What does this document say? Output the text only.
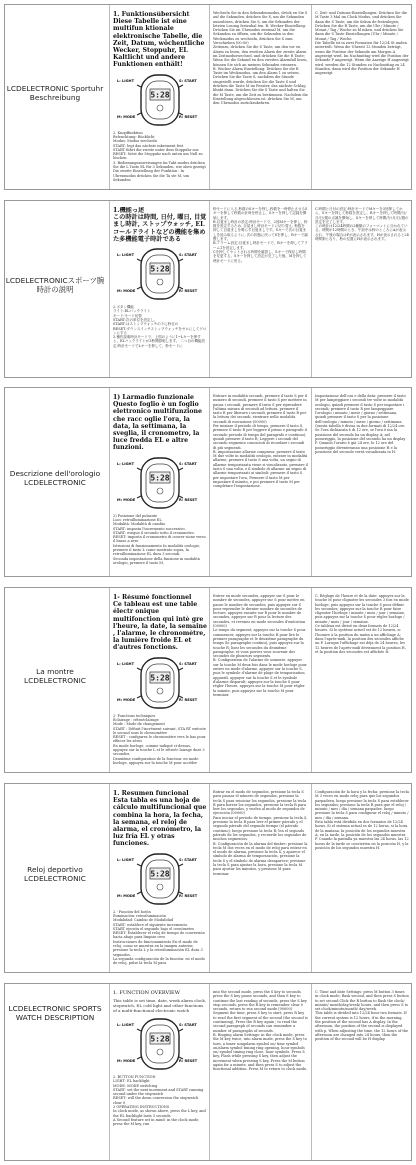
LCDELECTRONIC Sportuhr Beschreibung
1. Funktionsübersicht
Diese Tabelle ist eine multifun ktionale elektronische Tabelle, die Zeit, Datum, wöchentliche Wecker, Stoppuhr, EL Kaltlicht und andere Funktionen enthält!
5:28
L: LIGHT	S: START
M: MODE	R: RESET
2. Knopffunktion
Beleuchtung: Rücklicht
Modus: Modus wechseln
START: legt das nächste inkrement fest
START führt die zweite unter dem Stoppuhr aus
RESET: Setzt die Stoppuhr nach unten um Null zu löschen
3. Bedienungsanweisungen Im Takt modus drücken Sie die L Taste EL für 3 Sekunden, wie oben gezeigt Die zweite Einstellung der Funktion : In Uhrenmodus drücken Sie die Ta ste M, um Sekunden
Wechseln Sie in den Sekundenmodus, drück en Sie S auf die Sekunden, drücken Sie S, um die Sekunden auszulösen, drücken Sie S, um die Sekunden der letzten Lesung festzuhal ten. B. Wecker-Einstellung: Drücken Sie im Uhrmodus zweimal M, um die Sekunden zu öffnen, um die Sekunden in den Weckmodus zu wechseln, drücken Sie S zum Verschieben (00:00)
Zeitenzu, drücken Sie die S Taste, um den vor en Alarm zu lesen, den zweiten Alarm der zweite Alarm im Zeitmoduswechsel, und drücken Sie die R Taste; Wenn Sie die Sekund en den zweiten Alarmfall lesen, können Sie sich an meinen Sekunden erinnern.
B. Wecker Alarm Einstellung: Drücken Sie die R Taste im Weckmodus, um den Alarm 1 zu setzen. Drücken Sie die Taste S, nachdem die Stunde eingestellt wurde, drücken Sie die Taste S und drücken die Taste M im Fenster, das nächste Schlag blinkt dann. Drücken Sie die S Taste und halten Sie die M Taste, um die Zeit zu bestimmen. Nachdem die Einstellung abgeschlossen ist, drücken Sie M, um den Uhrmodus zurückzukehren.
C. Zeit- und Datums-Einstellungen: Drücken Sie die M Taste 3 Mal im Clock Modus, und drücken Sie dann die S Taste, um die Sekun de festzulegen; Drücken Sie die R Taste, um die Uhr / Minute / Monat / Tag / Woche zu bl inken, und drücken Sie dann die S Taste Einstellungen (Uhr / Minute / Monat / Tag / Woche.
Die Tabelle ist in zwei Formaten für 12/24 St unden unterteilt. Wenn die Uhrzeit 12 Stunden beträgt, wenn die Position der Sekunde am Morgen A angezeigt wird. Im Nachmittag wird die Position der Sekunde P angezeigt. Wenn die Anzeige H angezeigt wird, werden die 12 Stunden zu Nachmittag zu 24 Stunden, dann wird die Position der Sekunde H angezeigt.
LCDELECTRONICスポーツ腕時計の説明
1.機能っ述
この時計は時間, 日付, 曜日, 目覚まし時計, ストップウォッチ, ELコールドライトなどの機能を集めた多機能電子時計である
5:28
L: LIGHT	S: START
M: MODE	R: RESET
2.ボタン機能
ライト:ELバックライト
モード:モード切替
START:次の単位を設定し、
START:はストップウォッチの下に秒目の
RESET:ダウンスイッチストップウォッチをゼロにしてゲロンにする
3.操作説明時計モードで、上図のように1~Lキーを押すと、ELバックライトが3秒間照明します。 二つ目の機能設定:時計モードでLキーを押して、秒モードに
秒モードに入る,秒数のSキーを押し,秒数を一時停止させるSキーを押して秒数の計時を停止し、Sキーを押して記録を開始します。
B.目覚まし時計の設定:時計モードで、2回Mキーを押し、秒数を設定するため, 目覚まし時計モードに切り替え, 秒数を押して目覚ましを鳴らす目覚ましです。Sキーで次の目覚ましを読み取るように, 次の状態に戻ってSを押し、Rキーで調整します。
B.アラーム設定:目覚まし時計モードで、Rキーを押してアラーム1を設定します。
Cを押してセットされる時間を確認し、Sキーで保存し時間を変更する。Sキーを押して設定が完了した後、Mを押して時計モードに戻る。
C.時間と日付の設定:時計モードでMキーを3回押してから、Sキーを押して秒数を設定し、Rキーを押して時間/分/月/日/週の点滅を開始し、Sキーを押して時間/分/月/日/週の設定を完了します。
この時計は12/24時間の2種類のフォーマットに分かれている。時間が12時間のとき、午前中は秒のところにAが表示され、午後の場合はPが表示されます。Hが表示されると24時間制となり、秒の位置にHが表示されます。
Descrizione dell'orologio LCDELECTRONIC
1) Larmadio funzionale
Questo foglio è un foglio elettronico multifunzione che racc oglie l'ora, la data, la settimana, la sveglia, il cronometro, la luce fredda EL e altre funzioni.
5:28
L: LIGHT	S: START
M: MODE	R: RESET
2) Posizione del pulsante
Luci: retroilluminazione EL
Modalità: Modalità di cambio
START: imposta l'incremento successivo.
START: esegue il secondo sotto il cronometro
RESET: imposta il cronometro di conver sione verso il basso a zero
Istruzioni di funzionamento In modalità orologio, premere il tasto L come mostrato sopra, la retroilluminazione EL dura 3 secondi.
Seconda impostazione della funzione in modalità orologio, premere il tasto M,
Entrare in modalità secondi, premere il tasto S per il numero di secondi, premere il tasto S per mettere in pausa i secondi, premere il tasto S per riprendere l'ultima misura di secondi ad lettura, premere il tasto R per liberare i secondi, premere il tasto R per la lettura dei secondi, rientrare nella modalità secondi di esecuzione (00000)
Per iniziare il periodo di tempo, premere il tasto S, premere il tasto R per leggere il primo e paragrafo il secondo periodo di tempo del paragrafo e continuo), quindi premere il tasto R; Leggere i secondi del secondo segmento conosciuti di ricordare i secondi di più segmenti.
B. impostazione allarme comparsa: premere il tasto M due volte in modalità orologio, entrare in modalità allarme, premere il tasto S una volta, un segno di allarme temporizzata viene ri visualizzato, premere il tasto S una volta, e il simbolo di allarme un segno di allarme temporizzati ai simboli: premere il tasto S per impostare l'ora, Premere il tasto M per impostare il minuto, e poi premere il tasto M per completare l'impostazione.
Impostazione dell'ora e della data: premere il tasto M per lampeggiare i secondi tre volte in modalità orologio, quindi premere il tasto S per impostare i secondi; premere il tasto R per lampeggiare l'orologio / minuto / mese / giorno / settimana, quindi premere il tasto S per la posizione dell'orologio / minuto / mese / giorno / settimana.
Questa tabella è divisa in due formati di 12/24 ore. Se l'ora dichiarata è di 12 ore, se l'ora è ma la posizione del secondo ha un display A; nel pomeriggio, la posizione del secondo ha un display P. Quando l'orario è già 24 ore, le 12 ore del pomeriggio diventeranno una posizione H e la posizione del secondo verrà visualizzata in H.
La montre LCDELECTRONIC
1- Résumé fonctionnel
Ce tableau est une table électr onique multifonction qui intè gre l'heure, la date, la semaine , l'alarme, le chronomètre, la lumière froide EL et d'autres fonctions.
5:28
L: LIGHT	S: START
M: MODE	R: RESET
2- Fonctions techniques
Éclairage : rétroéclairage
Mode : Mode de changement
START : Définit l'incrément suivant, STA RT exécute le second sous le chronomètre
RESET : configurez le chronomètre vers le bas pour effacer les zéros
En mode horloge, comme indiqué ci-dessus, appuyez sur la touche L et le rétroéc lairage dure 3 secondes.
Deuxième configuration de la fonction: en mode horloge, appuyez sur la touche M pour accéder
Entrer en mode secondes, appuyer sur S pour le nombre de secondes, appuyer sur S pour mettre en pause le nombre de secondes, puis appuyer sur S pour reprendre le dernier nombre de secondes de lecture, appuyez ensuite sur R pour le nombre de secondes, appuyez sur R pour la lecture des secondes, et revenez en mode secondes d'exécution (00000)
Le temps du segment, appuyez sur la touche S pour commencer, appuyez sur la touche R pour lire le premier paragraphe et le deuxième paragraphe du temps (le paragraphe continu), puis appuyez sur la touche R; lisez les secondes du deuxième paragraphe, et vous pouvez vous souvenir des secondes de plusieurs segments.
B. Configuration de l'alarme de sonnerie: appuyer sur la touche M deux fois dans le mode horloge pour entrer en mode d'alarme, appuyer sur la touche S, puis le symbole d'alarme de plage de temporisation apparaît, appuyer sur la touche S et le symbole d'alarme disparaît; appuyez sur la touche S pour régler l'heure, appuyez sur la touche M pour régler la minute, puis appuyez sur la touche M pour terminer.
C. Réglage de l'heure et de la date: appuyez sur la touche M pour clignoter les secondes 3 fois en mode horloge, puis appuyez sur la touche S pour définir les secondes; appuyez sur la touche R pour faire clignoter l'horloge / minute / mois / jour / semaine, puis appuyez sur la touche S pour régler horloge / minute / mois / jour / semaine.
Ce tableau est divisé en deux formats de 12/24 heures. Si le système actuel est de 12 heures, si l'horaire à la position du matin a un affichage A; dans l'après-midi, la position des secondes affiche un P. Lorsque l'affichage est déjà de 24 heures, les 12 heures de l'après-midi deviennent la position H, et la position des secondes est affichée H.
Reloj deportivo LCDELECTRONIC
1. Resumen funcional
Esta tabla es una hoja de cálculo multifuncional que combina la hora, la fecha, la semana, el reloj de alarma, el cronómetro, la luz fría EL y otras funciones.
5:28
L: LIGHT	S: START
M: MODE	R: RESET
2.- Función del botón
Iluminación: retroiluminación
Modalidad: Cambio de Modalidad
START: establece el siguiente incremento.
START ejecuta el segundo bajo el cronómetro
RESET: Establecer el reloj de tiempo de conversión hacia abajo para limpiar cero
Instrucciones de funcionamiento En el modo de reloj, como se muestra en la imagen anterior, presione la tecla L y la retroiluminación EL dura 3 segundos.
La segunda configuración de la función: en el modo de reloj, pulse la tecla M para
Entrar en el modo de segundos, presione la tecla S para pausar el número de segundos, presione la tecla S para reiniciar los segundos, presione la tecla R para borrar los segundos, presione la tecla R para leer los segundos, y vuelva al modo de segundos de ejecución (00000)
Para iniciar el periodo de tiempo, presione la tecla S, presione la tecla R para leer el primer párrafo y el segundo párrafo del segundo tiempo (el párrafo continuo), luego presione la tecla R; lea el segundo párrafo de los segundos, y recuerde los segundos de muchos segmentos.
B. Configuración de la alarma del timbre: presione la tecla M dos veces en el modo de reloj para entrar en el modo de alarma, presione la tecla S, y aparece el símbolo de alarma de temporización, presione la tecla S y el símbolo de alarma desaparece; presione la tecla S para ajustar la hora, presione la tecla M para ajustar los minutos, y presione M para terminar.
Configuración de la hora y la fecha: presione la tecla M 3 veces en modo reloj para que los segundos parpadeen, luego presione la tecla S para establecer los segundos; presione la tecla R para que el reloj / minuto / mes / día / semana parpadee, luego presione la tecla S para configurar el reloj / minuto / mes / día / semana.
Esta tabla está dividida en dos formatos de 12/24 horas. Si el sistema actual es de 12 horas, si la hora de la mañana, la posición de los segundos muestra A; en la tarde, la posición de los segundos muestra P. Cuando la pantalla ya muestra las 24 horas, las 12 horas de la tarde se convierten en la posición H, y la posición de los segundos muestra H.
LCDELECTRONIC SPORTS WATCH DESCRIPTION
1. FUNCTION OVERVIEW
This table is set time, date, week alarm clock, stopwatch, EL cold light and other functions of a multi-functional electronic watch
5:28
L: LIGHT	S: START
M: MODE	R: RESET
2. BUTTON FUNCTION
LIGHT: EL backlight
MODE: MODE switching
START: set the next increment and START running second under the stopwatch
RESET: will the down conversion the stopwatch clear 0
3 OPERATING INSTRUCTIONS
In clock mode, as shown above, press the L key, and the EL backlight lasts 3 seconds.
A Second feature set in mind: in the clock mode, press the M key, run
into the second mode, press the S key to seconds, press the S key pause seconds, and then S key to continue the last reading of seconds, press the S key stop seconds, press the R key to remember clear 0 seconds, return to run second mode (00000)
Segment the time, press S key to start, press R key to read the first segment of the second (the second is continuing), Press the R key again ; to read the second paragraph of seconds can remember a number of paragraphs of seconds.
B. Ringing alarm Settings: in the clock mode, press the M key twice, into alarm mode, press the S key to turn, a timer songalarm symbol on/ time symbol on/alarm symbol timing ring opening, hour symbols on/ symbol timing ring close, hour symbols. Press S key, Flash while pressing S key, then adjust the increment when pressing S key, Press the M button again for a minute, and then press S to adjust the functional addition. Press M to return to clock mode,
C. Time and date Settings: press M button 3 times in clock mode, flash second, and then press S button to set second Click the R button to flash the clock/ minute/ month/day/week/ hours, and then press S to set clock/minute/month/ day/week.
This table is divided into 12/24 hour two formats. If the current system is 12 hours, if in the morning, the position of the second has A display. In the afternoon, the position of the second is displayed with p. When adjusting the time, the 12 hours of the afternoon are changed into 24 hours, then the position of the second will be H display.
